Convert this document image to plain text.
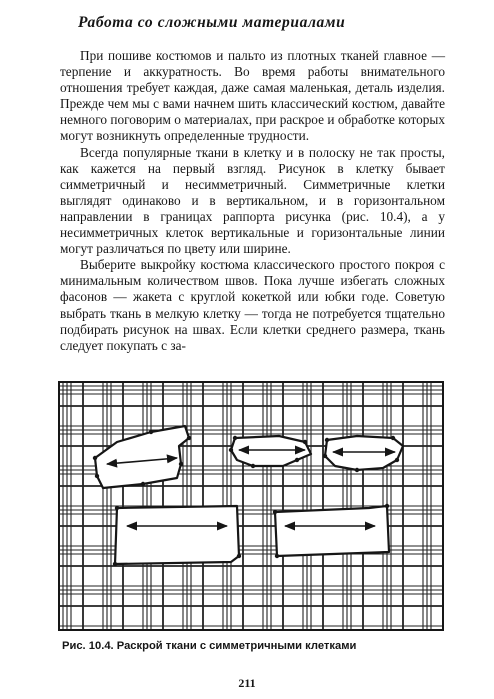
Работа со сложными материалами

При пошиве костюмов и пальто из плотных тканей главное — терпение и аккуратность. Во время работы внимательного отношения требует каждая, даже самая маленькая, деталь изделия. Прежде чем мы с вами начнем шить классический костюм, давайте немного поговорим о материалах, при раскрое и обработке которых могут возникнуть определенные трудности.

Всегда популярные ткани в клетку и в полоску не так просты, как кажется на первый взгляд. Рисунок в клетку бывает симметричный и несимметричный. Симметричные клетки выглядят одинаково и в вертикальном, и в горизонтальном направлении в границах раппорта рисунка (рис. 10.4), а у несимметричных клеток вертикальные и горизонтальные линии могут различаться по цвету или ширине.

Выберите выкройку костюма классического простого покроя с минимальным количеством швов. Пока лучше избегать сложных фасонов — жакета с круглой кокеткой или юбки годе. Советую выбрать ткань в мелкую клетку — тогда не потребуется тщательно подбирать рисунок на швах. Если клетки среднего размера, ткань следует покупать с за-

Рис. 10.4. Раскрой ткани с симметричными клетками
211
